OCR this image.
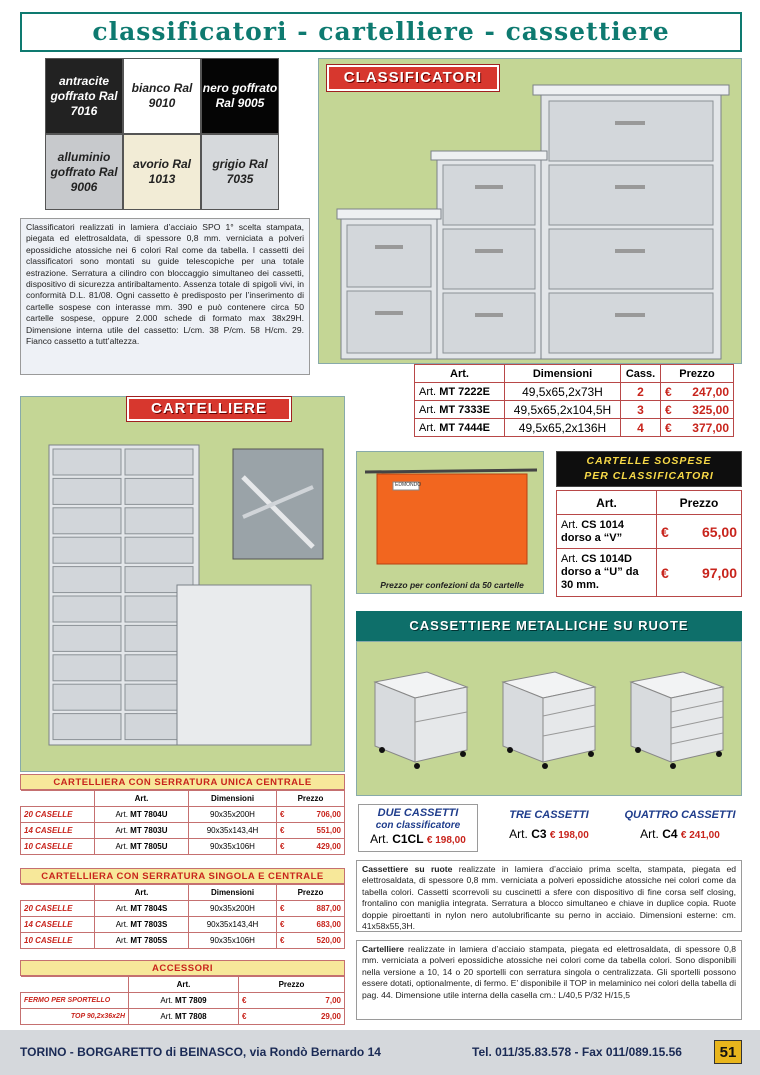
classificatori - cartelliere - cassettiere
antracite goffrato Ral 7016
bianco Ral 9010
nero goffrato Ral 9005
alluminio goffrato Ral 9006
avorio Ral 1013
grigio Ral 7035
Classificatori realizzati in lamiera d’acciaio SPO 1° scelta stampata, piegata ed elettrosaldata, di spessore 0,8 mm. verniciata a polveri epossidiche atossiche nei 6 colori Ral come da tabella. I cassetti dei classificatori sono montati su guide telescopiche per una totale estrazione. Serratura a cilindro con bloccaggio simultaneo dei cassetti, dispositivo di sicurezza antiribaltamento. Assenza totale di spigoli vivi, in conformità D.L. 81/08. Ogni cassetto è predisposto per l’inserimento di cartelle sospese con interasse mm. 390 e può contenere circa 50 cartelle sospese, oppure 2.000 schede di formato max 38x29H. Dimensione interna utile del cassetto: L/cm. 38 P/cm. 58 H/cm. 29. Fianco cassetto a tutt’altezza.
CLASSIFICATORI
Art.	Dimensioni	Cass.	Prezzo
Art. MT 7222E	49,5x65,2x73H	2	€ 247,00

Art. MT 7333E	49,5x65,2x104,5H	3	€ 325,00

Art. MT 7444E	49,5x65,2x136H	4	€ 377,00
CARTELLIERE
EDMONDO
Prezzo per confezioni da 50 cartelle
CARTELLE SOSPESE
PER CLASSIFICATORI
Art.	Prezzo
Art. CS 1014
dorso a “V”	€ 65,00

Art. CS 1014D
dorso a “U” da 30 mm.	€ 97,00
CASSETTIERE METALLICHE SU RUOTE
DUE CASSETTI
con classificatore
Art. C1CL € 198,00
TRE CASSETTI
Art. C3 € 198,00
QUATTRO CASSETTI
Art. C4 € 241,00
Cassettiere su ruote realizzate in lamiera d’acciaio prima scelta, stampata, piegata ed elettrosaldata, di spessore 0,8 mm. verniciata a polveri epossidiche atossiche nei colori come da tabella colori. Cassetti scorrevoli su cuscinetti a sfere con dispositivo di fine corsa self closing, frontalino con maniglia integrata. Serratura a blocco simultaneo e chiave in duplice copia. Ruote doppie piroettanti in nylon nero autolubrificante su perno in acciaio. Dimensioni esterne: cm. 41x58x55,3H.
Cartelliere realizzate in lamiera d’acciaio stampata, piegata ed elettrosaldata, di spessore 0,8 mm. verniciata a polveri epossidiche atossiche nei colori come da tabella colori. Sono disponibili nella versione a 10, 14 o 20 sportelli con serratura singola o centralizzata. Gli sportelli possono essere dotati, optionalmente, di fermo. E’ disponibile il TOP in melaminico nei colori della tabella di pag. 44. Dimensione utile interna della casella cm.: L/40,5 P/32 H/15,5
CARTELLIERA CON SERRATURA UNICA CENTRALE
	Art.	Dimensioni	Prezzo
20 CASELLE	Art. MT 7804U	90x35x200H	€ 706,00

14 CASELLE	Art. MT 7803U	90x35x143,4H	€ 551,00

10 CASELLE	Art. MT 7805U	90x35x106H	€ 429,00
CARTELLIERA CON SERRATURA SINGOLA E CENTRALE
	Art.	Dimensioni	Prezzo
20 CASELLE	Art. MT 7804S	90x35x200H	€ 887,00

14 CASELLE	Art. MT 7803S	90x35x143,4H	€ 683,00

10 CASELLE	Art. MT 7805S	90x35x106H	€ 520,00
ACCESSORI
	Art.	Prezzo
FERMO PER SPORTELLO	Art. MT 7809	€ 7,00

TOP 90,2x36x2H	Art. MT 7808	€ 29,00
TORINO - BORGARETTO di BEINASCO, via Rondò Bernardo 14	Tel. 011/35.83.578 - Fax 011/089.15.56	51
